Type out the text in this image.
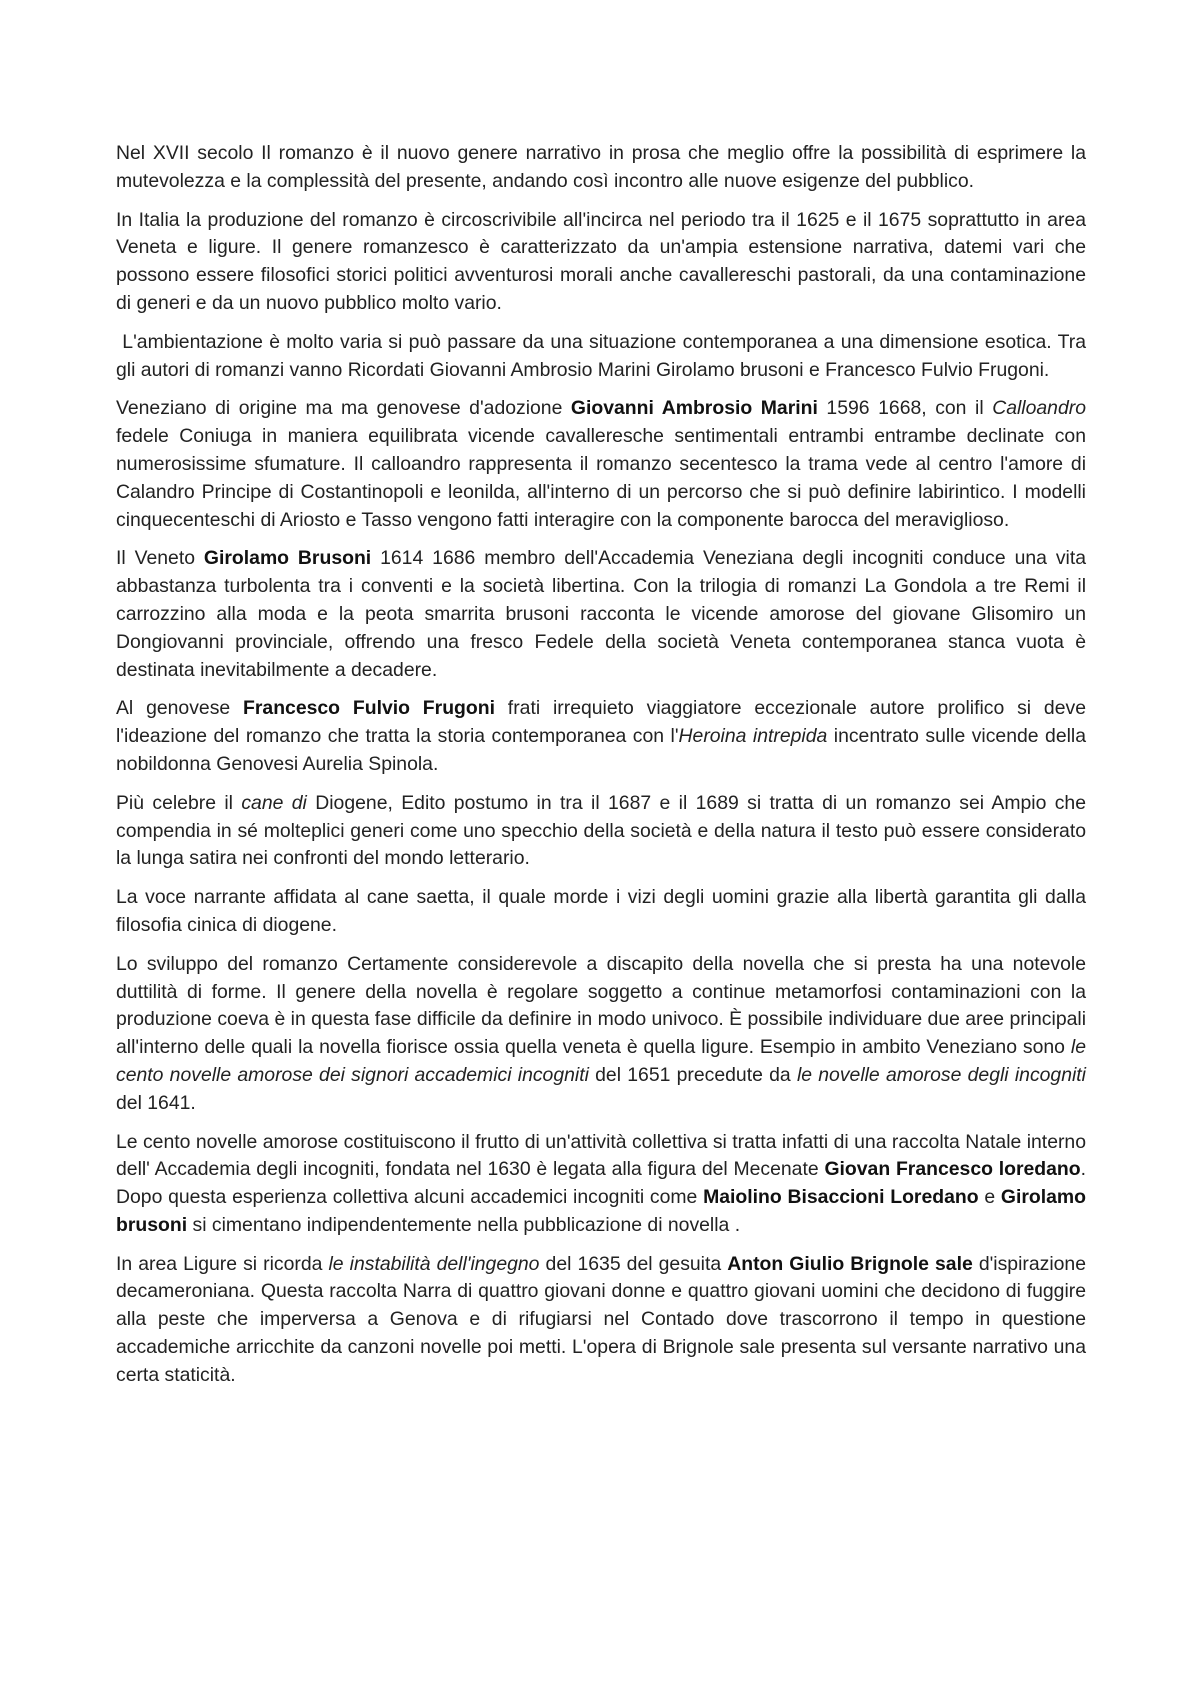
Nel XVII secolo Il romanzo è il nuovo genere narrativo in prosa che meglio offre la possibilità di esprimere la mutevolezza e la complessità del presente, andando così incontro alle nuove esigenze del pubblico.

In Italia la produzione del romanzo è circoscrivibile all'incirca nel periodo tra il 1625 e il 1675 soprattutto in area Veneta e ligure. Il genere romanzesco è caratterizzato da un'ampia estensione narrativa, datemi vari che possono essere filosofici storici politici avventurosi morali anche cavallereschi pastorali, da una contaminazione di generi e da un nuovo pubblico molto vario.

L'ambientazione è molto varia si può passare da una situazione contemporanea a una dimensione esotica. Tra gli autori di romanzi vanno Ricordati Giovanni Ambrosio Marini Girolamo brusoni e Francesco Fulvio Frugoni.

Veneziano di origine ma ma genovese d'adozione Giovanni Ambrosio Marini 1596 1668, con il Calloandro fedele Coniuga in maniera equilibrata vicende cavalleresche sentimentali entrambi entrambe declinate con numerosissime sfumature. Il calloandro rappresenta il romanzo secentesco la trama vede al centro l'amore di Calandro Principe di Costantinopoli e leonilda, all'interno di un percorso che si può definire labirintico. I modelli cinquecenteschi di Ariosto e Tasso vengono fatti interagire con la componente barocca del meraviglioso.

Il Veneto Girolamo Brusoni 1614 1686 membro dell'Accademia Veneziana degli incogniti conduce una vita abbastanza turbolenta tra i conventi e la società libertina. Con la trilogia di romanzi La Gondola a tre Remi il carrozzino alla moda e la peota smarrita brusoni racconta le vicende amorose del giovane Glisomiro un Dongiovanni provinciale, offrendo una fresco Fedele della società Veneta contemporanea stanca vuota è destinata inevitabilmente a decadere.

Al genovese Francesco Fulvio Frugoni frati irrequieto viaggiatore eccezionale autore prolifico si deve l'ideazione del romanzo che tratta la storia contemporanea con l'Heroina intrepida incentrato sulle vicende della nobildonna Genovesi Aurelia Spinola.

Più celebre il cane di Diogene, Edito postumo in tra il 1687 e il 1689 si tratta di un romanzo sei Ampio che compendia in sé molteplici generi come uno specchio della società e della natura il testo può essere considerato la lunga satira nei confronti del mondo letterario.

La voce narrante affidata al cane saetta, il quale morde i vizi degli uomini grazie alla libertà garantita gli dalla filosofia cinica di diogene.

Lo sviluppo del romanzo Certamente considerevole a discapito della novella che si presta ha una notevole duttilità di forme. Il genere della novella è regolare soggetto a continue metamorfosi contaminazioni con la produzione coeva è in questa fase difficile da definire in modo univoco. È possibile individuare due aree principali all'interno delle quali la novella fiorisce ossia quella veneta è quella ligure. Esempio in ambito Veneziano sono le cento novelle amorose dei signori accademici incogniti del 1651 precedute da le novelle amorose degli incogniti del 1641.

Le cento novelle amorose costituiscono il frutto di un'attività collettiva si tratta infatti di una raccolta Natale interno dell' Accademia degli incogniti, fondata nel 1630 è legata alla figura del Mecenate Giovan Francesco loredano. Dopo questa esperienza collettiva alcuni accademici incogniti come Maiolino Bisaccioni Loredano e Girolamo brusoni si cimentano indipendentemente nella pubblicazione di novella .

In area Ligure si ricorda le instabilità dell'ingegno del 1635 del gesuita Anton Giulio Brignole sale d'ispirazione decameroniana. Questa raccolta Narra di quattro giovani donne e quattro giovani uomini che decidono di fuggire alla peste che imperversa a Genova e di rifugiarsi nel Contado dove trascorrono il tempo in questione accademiche arricchite da canzoni novelle poi metti. L'opera di Brignole sale presenta sul versante narrativo una certa staticità.
